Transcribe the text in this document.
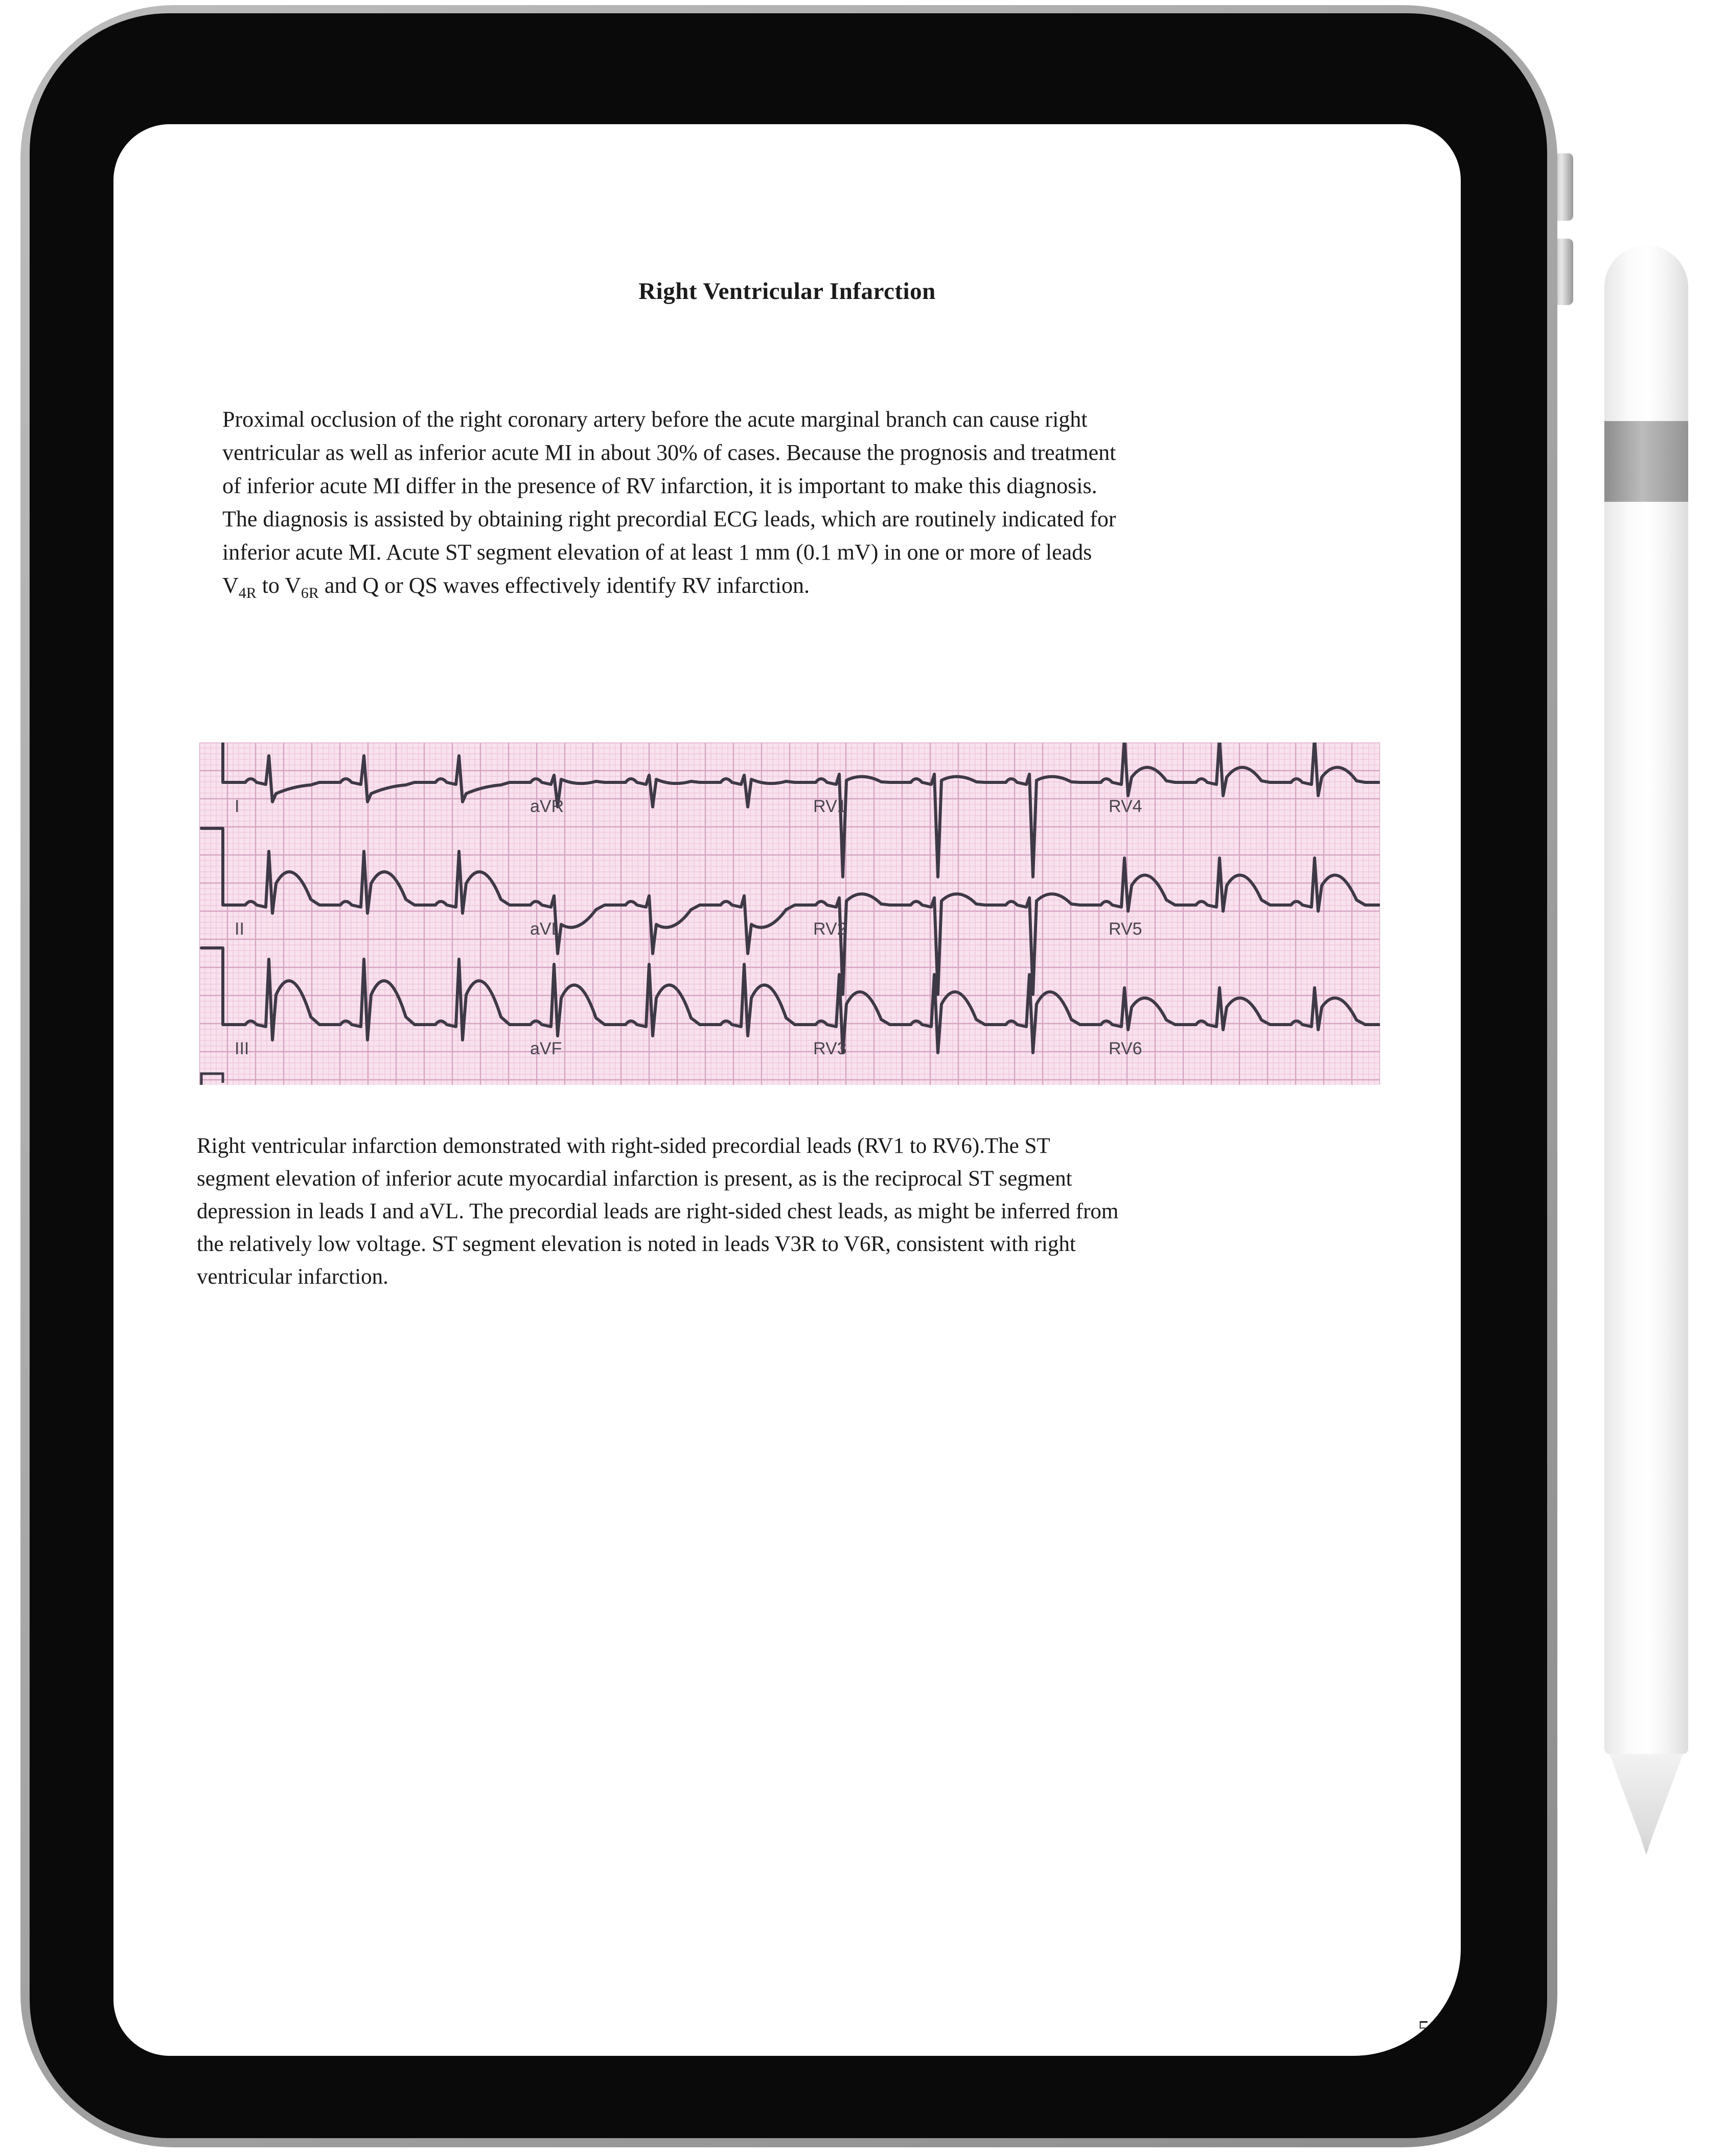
Right Ventricular Infarction
Proximal occlusion of the right coronary artery before the acute marginal branch can cause right
ventricular as well as inferior acute MI in about 30% of cases. Because the prognosis and treatment
of inferior acute MI differ in the presence of RV infarction, it is important to make this diagnosis.
The diagnosis is assisted by obtaining right precordial ECG leads, which are routinely indicated for
inferior acute MI. Acute ST segment elevation of at least 1 mm (0.1 mV) in one or more of leads
$V_{4R}$ to $V_{6R}$ and Q or QS waves effectively identify RV infarction.
I	aVR	RV1	RV4
II	aVL	RV2	RV5
III	aVF	RV3	RV6
Right ventricular infarction demonstrated with right-sided precordial leads (RV1 to RV6).The ST
segment elevation of inferior acute myocardial infarction is present, as is the reciprocal ST segment
depression in leads I and aVL. The precordial leads are right-sided chest leads, as might be inferred from
the relatively low voltage. ST segment elevation is noted in leads V3R to V6R, consistent with right
ventricular infarction.
51
